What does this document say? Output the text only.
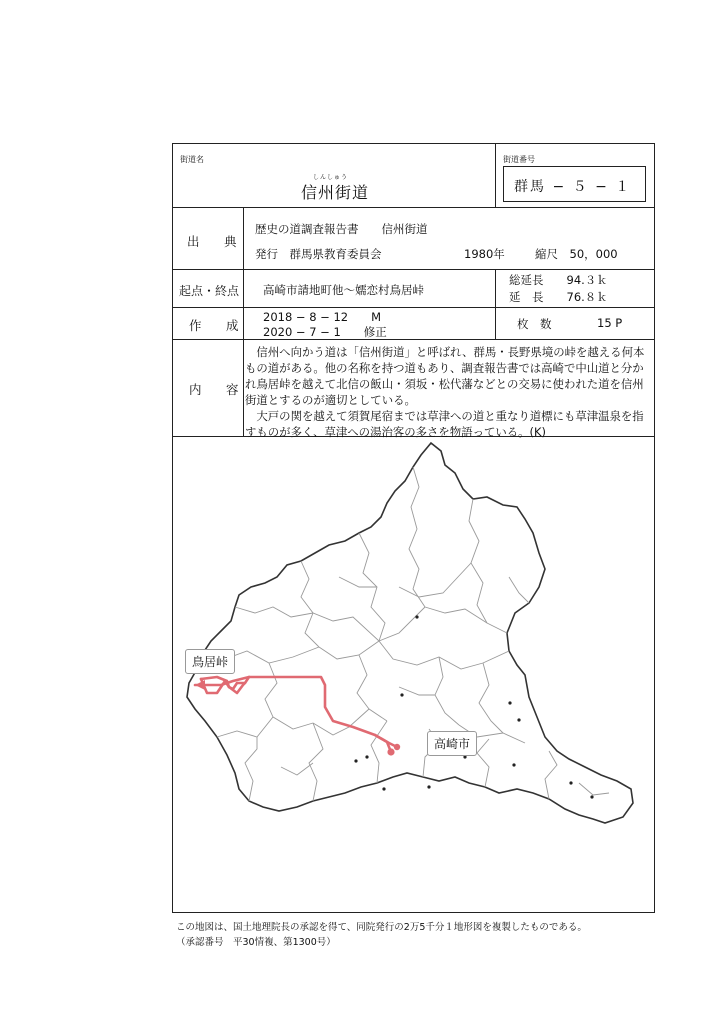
街道名
しんしゅう
信州街道
街道番号
群馬 − ５ − １
出　典
歴史の道調査報告書　　信州街道
発行　群馬県教育委員会	1980年	縮尺　50，000
起点・終点 高崎市請地町他～嬬恋村鳥居峠
総延長　　94.３ｋ
延　長　　76.８ｋ
作　成
2018 − 8 − 12　　M
2020 − 7 − 1　　修正
枚　数	15 P
内　容

信州へ向かう道は「信州街道」と呼ばれ、群馬・長野県境の峠を越える何本もの道がある。他の名称を持つ道もあり、調査報告書では高崎で中山道と分かれ鳥居峠を越えて北信の飯山・須坂・松代藩などとの交易に使われた道を信州街道とするのが適切としている。

大戸の関を越えて須賀尾宿までは草津への道と重なり道標にも草津温泉を指すものが多く、草津への湯治客の多さを物語っている。(K)

鳥居峠
高崎市
この地図は、国土地理院長の承認を得て、同院発行の2万5千分１地形図を複製したものである。
（承認番号　平30情複、第1300号）
